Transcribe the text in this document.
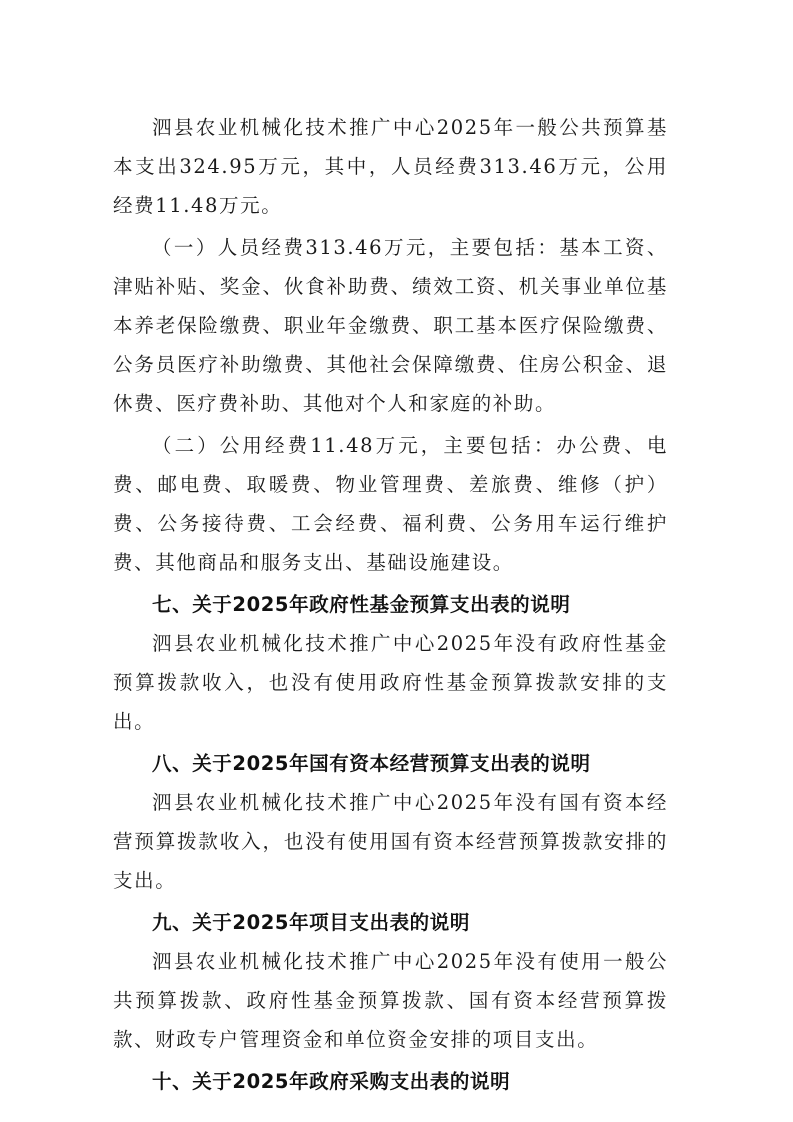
泗县农业机械化技术推广中心2025年一般公共预算基本支出324.95万元，其中，人员经费313.46万元，公用经费11.48万元。

（一）人员经费313.46万元，主要包括：基本工资、津贴补贴、奖金、伙食补助费、绩效工资、机关事业单位基本养老保险缴费、职业年金缴费、职工基本医疗保险缴费、公务员医疗补助缴费、其他社会保障缴费、住房公积金、退休费、医疗费补助、其他对个人和家庭的补助。

（二）公用经费11.48万元，主要包括：办公费、电费、邮电费、取暖费、物业管理费、差旅费、维修（护）费、公务接待费、工会经费、福利费、公务用车运行维护费、其他商品和服务支出、基础设施建设。

七、关于2025年政府性基金预算支出表的说明

泗县农业机械化技术推广中心2025年没有政府性基金预算拨款收入，也没有使用政府性基金预算拨款安排的支出。

八、关于2025年国有资本经营预算支出表的说明

泗县农业机械化技术推广中心2025年没有国有资本经营预算拨款收入，也没有使用国有资本经营预算拨款安排的支出。

九、关于2025年项目支出表的说明

泗县农业机械化技术推广中心2025年没有使用一般公共预算拨款、政府性基金预算拨款、国有资本经营预算拨款、财政专户管理资金和单位资金安排的项目支出。

十、关于2025年政府采购支出表的说明
